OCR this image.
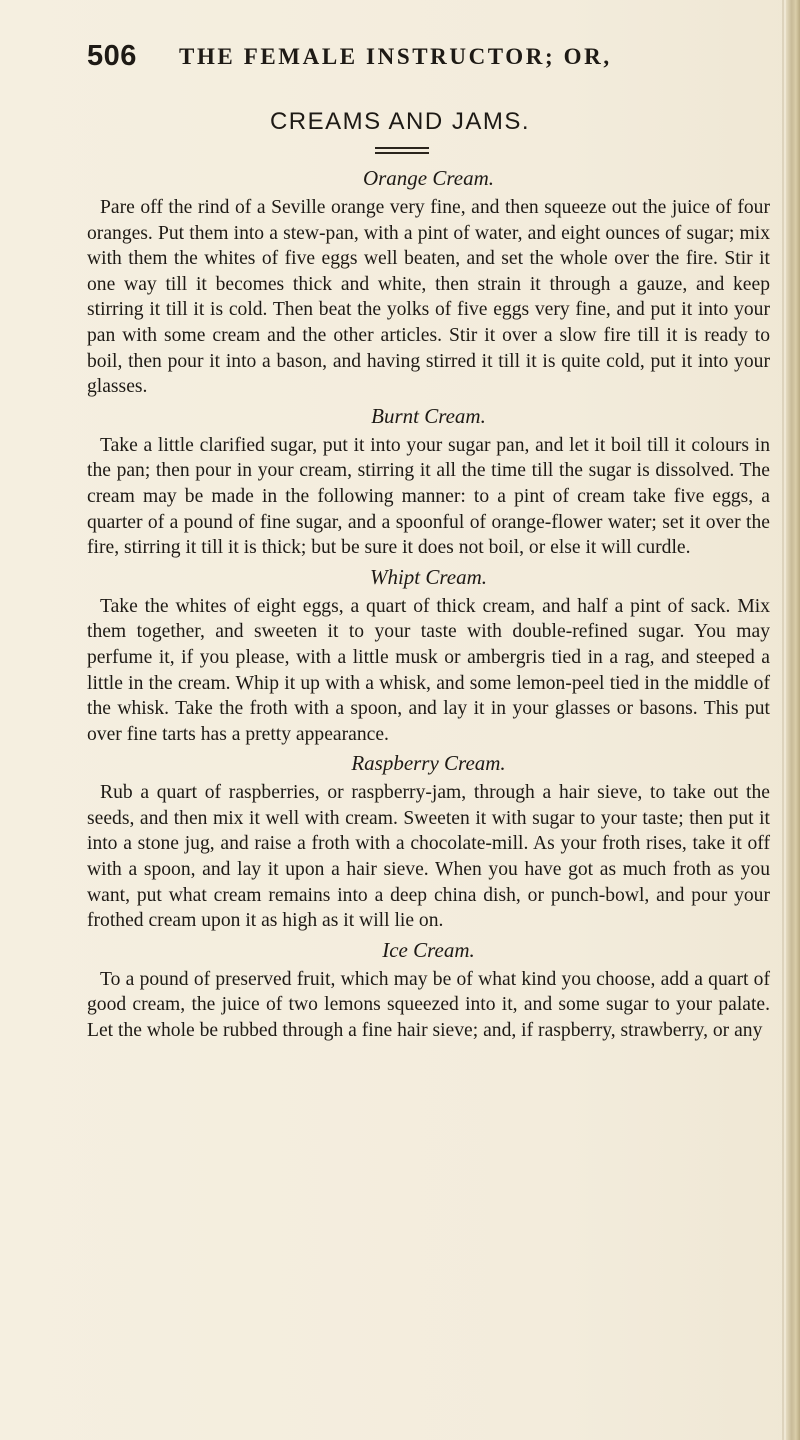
506 THE FEMALE INSTRUCTOR; OR,
CREAMS AND JAMS.
Orange Cream.

Pare off the rind of a Seville orange very fine, and then squeeze out the juice of four oranges. Put them into a stew-pan, with a pint of water, and eight ounces of sugar; mix with them the whites of five eggs well beaten, and set the whole over the fire. Stir it one way till it becomes thick and white, then strain it through a gauze, and keep stirring it till it is cold. Then beat the yolks of five eggs very fine, and put it into your pan with some cream and the other articles. Stir it over a slow fire till it is ready to boil, then pour it into a bason, and having stirred it till it is quite cold, put it into your glasses.

Burnt Cream.

Take a little clarified sugar, put it into your sugar pan, and let it boil till it colours in the pan; then pour in your cream, stirring it all the time till the sugar is dissolved. The cream may be made in the following manner: to a pint of cream take five eggs, a quarter of a pound of fine sugar, and a spoonful of orange-flower water; set it over the fire, stirring it till it is thick; but be sure it does not boil, or else it will curdle.

Whipt Cream.

Take the whites of eight eggs, a quart of thick cream, and half a pint of sack. Mix them together, and sweeten it to your taste with double-refined sugar. You may perfume it, if you please, with a little musk or ambergris tied in a rag, and steeped a little in the cream. Whip it up with a whisk, and some lemon-peel tied in the middle of the whisk. Take the froth with a spoon, and lay it in your glasses or basons. This put over fine tarts has a pretty appearance.

Raspberry Cream.

Rub a quart of raspberries, or raspberry-jam, through a hair sieve, to take out the seeds, and then mix it well with cream. Sweeten it with sugar to your taste; then put it into a stone jug, and raise a froth with a chocolate-mill. As your froth rises, take it off with a spoon, and lay it upon a hair sieve. When you have got as much froth as you want, put what cream remains into a deep china dish, or punch-bowl, and pour your frothed cream upon it as high as it will lie on.

Ice Cream.

To a pound of preserved fruit, which may be of what kind you choose, add a quart of good cream, the juice of two lemons squeezed into it, and some sugar to your palate. Let the whole be rubbed through a fine hair sieve; and, if raspberry, strawberry, or any
